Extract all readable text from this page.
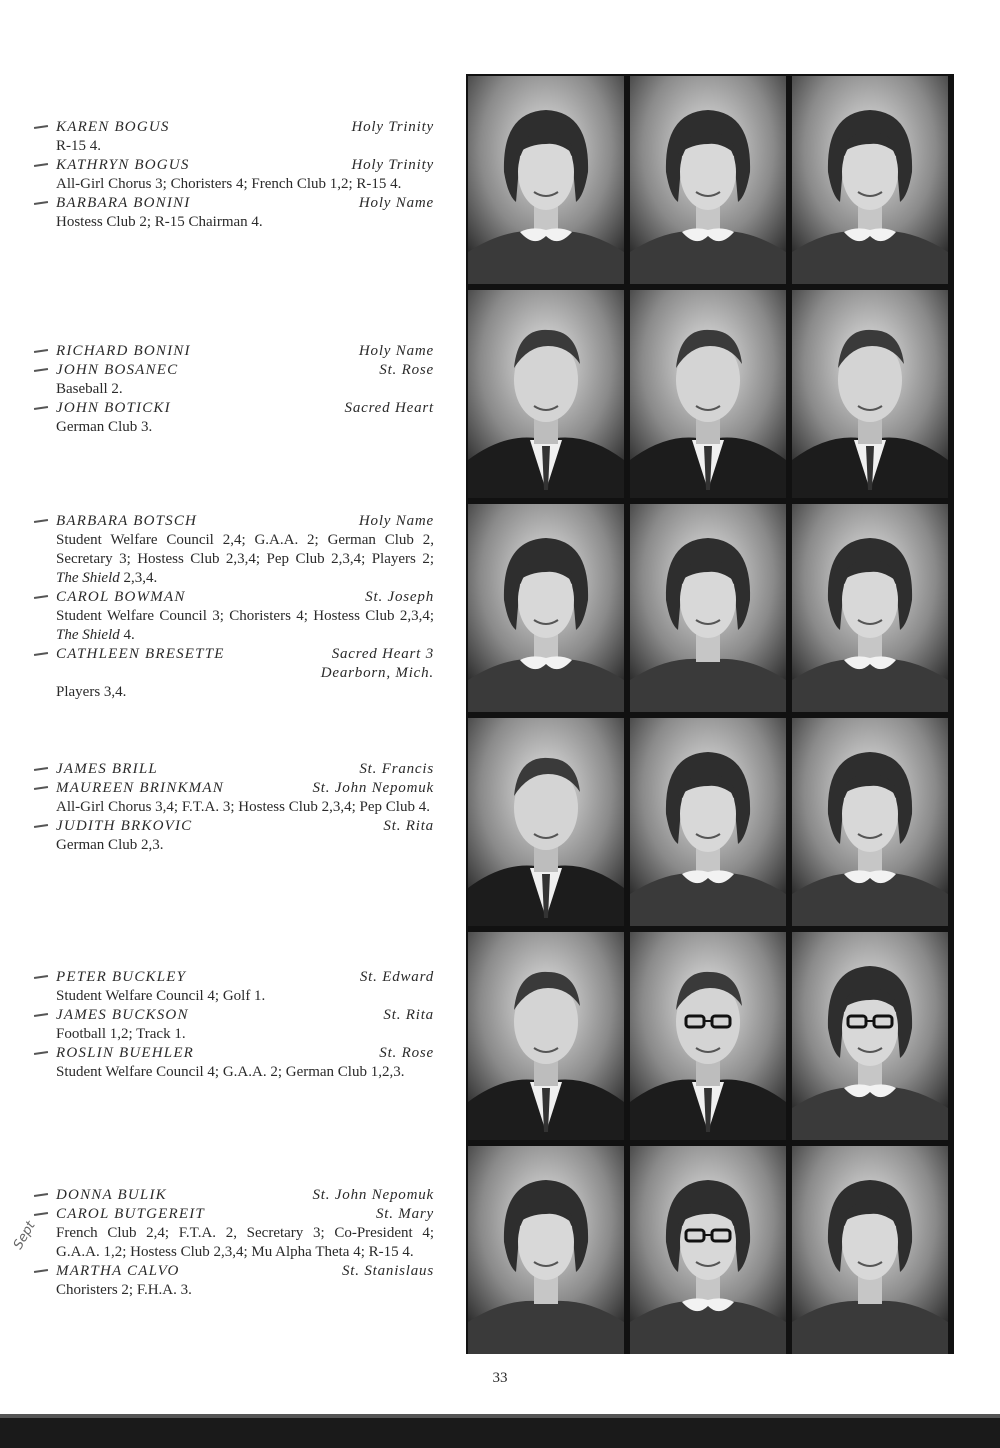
KAREN BOGUS	Holy Trinity
R-15 4.
KATHRYN BOGUS	Holy Trinity
All-Girl Chorus 3; Choristers 4; French Club 1,2; R-15 4.
BARBARA BONINI	Holy Name
Hostess Club 2; R-15 Chairman 4.
RICHARD BONINI	Holy Name
JOHN BOSANEC	St. Rose
Baseball 2.
JOHN BOTICKI	Sacred Heart
German Club 3.
BARBARA BOTSCH	Holy Name
Student Welfare Council 2,4; G.A.A. 2; German Club 2, Secretary 3; Hostess Club 2,3,4; Pep Club 2,3,4; Players 2; The Shield 2,3,4.
CAROL BOWMAN	St. Joseph
Student Welfare Council 3; Choristers 4; Hostess Club 2,3,4; The Shield 4.
CATHLEEN BRESETTE	Sacred Heart 3
Dearborn, Mich.
Players 3,4.
JAMES BRILL	St. Francis
MAUREEN BRINKMAN	St. John Nepomuk
All-Girl Chorus 3,4; F.T.A. 3; Hostess Club 2,3,4; Pep Club 4.
JUDITH BRKOVIC	St. Rita
German Club 2,3.
PETER BUCKLEY	St. Edward
Student Welfare Council 4; Golf 1.
JAMES BUCKSON	St. Rita
Football 1,2; Track 1.
ROSLIN BUEHLER	St. Rose
Student Welfare Council 4; G.A.A. 2; German Club 1,2,3.
DONNA BULIK	St. John Nepomuk
CAROL BUTGEREIT	St. Mary
French Club 2,4; F.T.A. 2, Secretary 3; Co-President 4; G.A.A. 1,2; Hostess Club 2,3,4; Mu Alpha Theta 4; R-15 4.
MARTHA CALVO	St. Stanislaus
Choristers 2; F.H.A. 3.
Sept
33
